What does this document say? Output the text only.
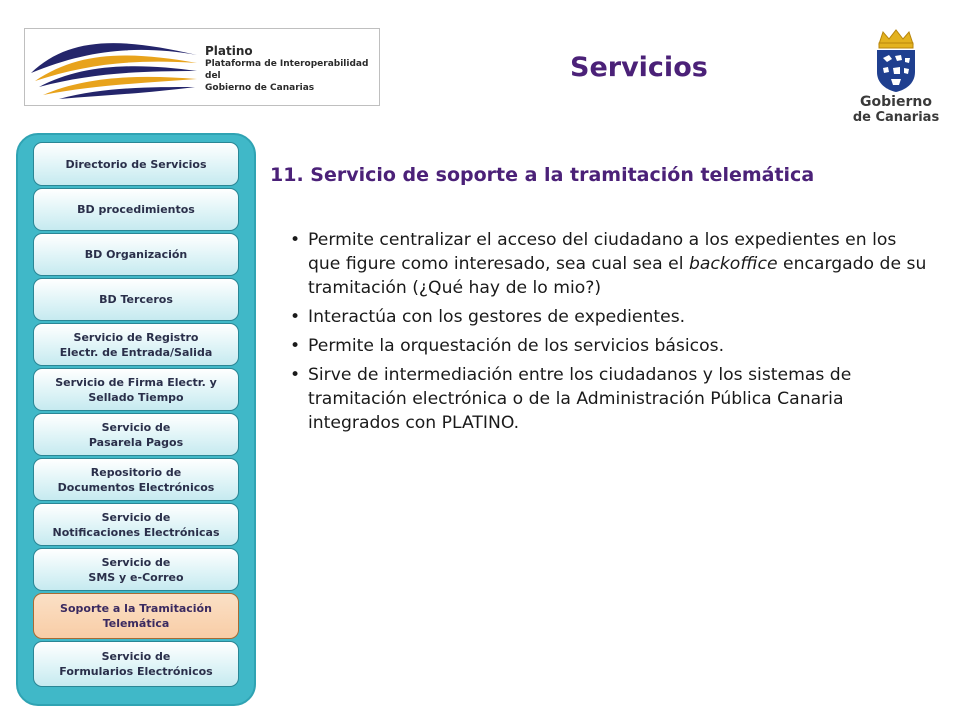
Platino
Plataforma de Interoperabilidad del
Gobierno de Canarias
Servicios
Gobierno
de Canarias
Directorio de Servicios
BD procedimientos
BD Organización
BD Terceros
Servicio de Registro
Electr. de Entrada/Salida
Servicio de Firma Electr. y
Sellado Tiempo
Servicio de
Pasarela Pagos
Repositorio de
Documentos Electrónicos
Servicio de
Notificaciones Electrónicas
Servicio de
SMS y e-Correo
Soporte a la Tramitación
Telemática
Servicio de
Formularios Electrónicos
11. Servicio de soporte a la tramitación telemática
• Permite centralizar el acceso del ciudadano a los expedientes en los que figure como interesado, sea cual sea el backoffice encargado de su tramitación (¿Qué hay de lo mio?)
• Interactúa con los gestores de expedientes.
• Permite la orquestación de los servicios básicos.
• Sirve de intermediación entre los ciudadanos y los sistemas de tramitación electrónica o de la Administración Pública Canaria integrados con PLATINO.
